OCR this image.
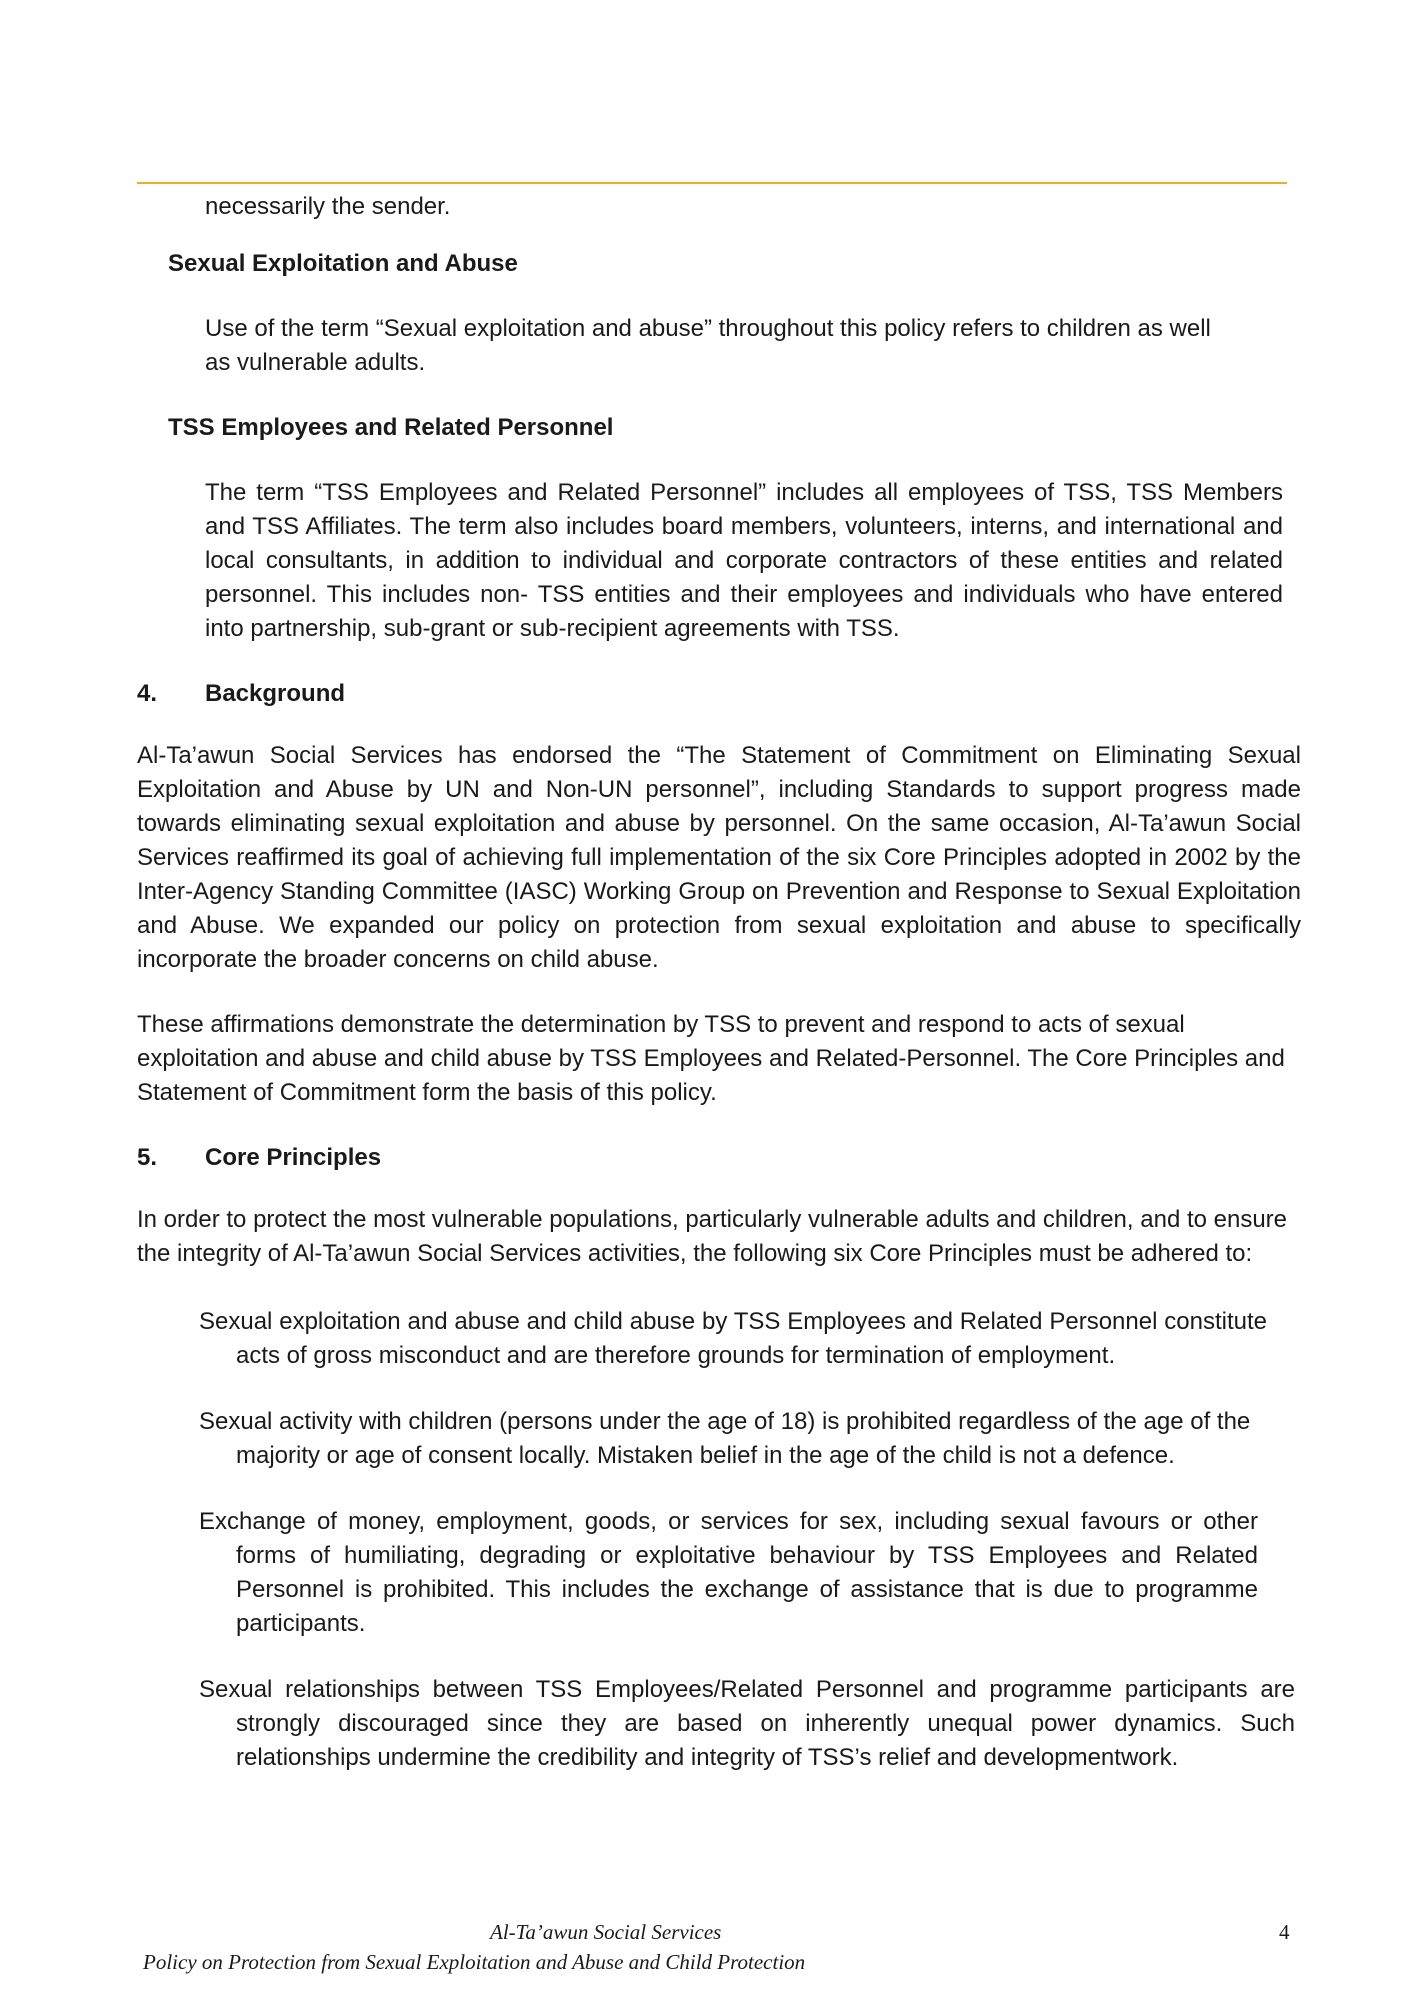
necessarily the sender.

Sexual Exploitation and Abuse

Use of the term “Sexual exploitation and abuse” throughout this policy refers to children as well as vulnerable adults.

TSS Employees and Related Personnel

The term “TSS Employees and Related Personnel” includes all employees of TSS, TSS Members and TSS Affiliates. The term also includes board members, volunteers, interns, and international and local consultants, in addition to individual and corporate contractors of these entities and related personnel. This includes non- TSS entities and their employees and individuals who have entered into partnership, sub-grant or sub-recipient agreements with TSS.

4.	Background

Al-Ta’awun Social Services has endorsed the “The Statement of Commitment on Eliminating Sexual Exploitation and Abuse by UN and Non-UN personnel”, including Standards to support progress made towards eliminating sexual exploitation and abuse by personnel. On the same occasion, Al-Ta’awun Social Services reaffirmed its goal of achieving full implementation of the six Core Principles adopted in 2002 by the Inter-Agency Standing Committee (IASC) Working Group on Prevention and Response to Sexual Exploitation and Abuse. We expanded our policy on protection from sexual exploitation and abuse to specifically incorporate the broader concerns on child abuse.

These affirmations demonstrate the determination by TSS to prevent and respond to acts of sexual exploitation and abuse and child abuse by TSS Employees and Related-Personnel. The Core Principles and Statement of Commitment form the basis of this policy.

5.	Core Principles

In order to protect the most vulnerable populations, particularly vulnerable adults and children, and to ensure the integrity of Al-Ta’awun Social Services activities, the following six Core Principles must be adhered to:

Sexual exploitation and abuse and child abuse by TSS Employees and Related Personnel constitute acts of gross misconduct and are therefore grounds for termination of employment.

Sexual activity with children (persons under the age of 18) is prohibited regardless of the age of the majority or age of consent locally. Mistaken belief in the age of the child is not a defence.

Exchange of money, employment, goods, or services for sex, including sexual favours or other forms of humiliating, degrading or exploitative behaviour by TSS Employees and Related Personnel is prohibited. This includes the exchange of assistance that is due to programme participants.

Sexual relationships between TSS Employees/Related Personnel and programme participants are strongly discouraged since they are based on inherently unequal power dynamics. Such relationships undermine the credibility and integrity of TSS’s relief and developmentwork.

Al-Ta’awun Social Services	4
Policy on Protection from Sexual Exploitation and Abuse and Child Protection
